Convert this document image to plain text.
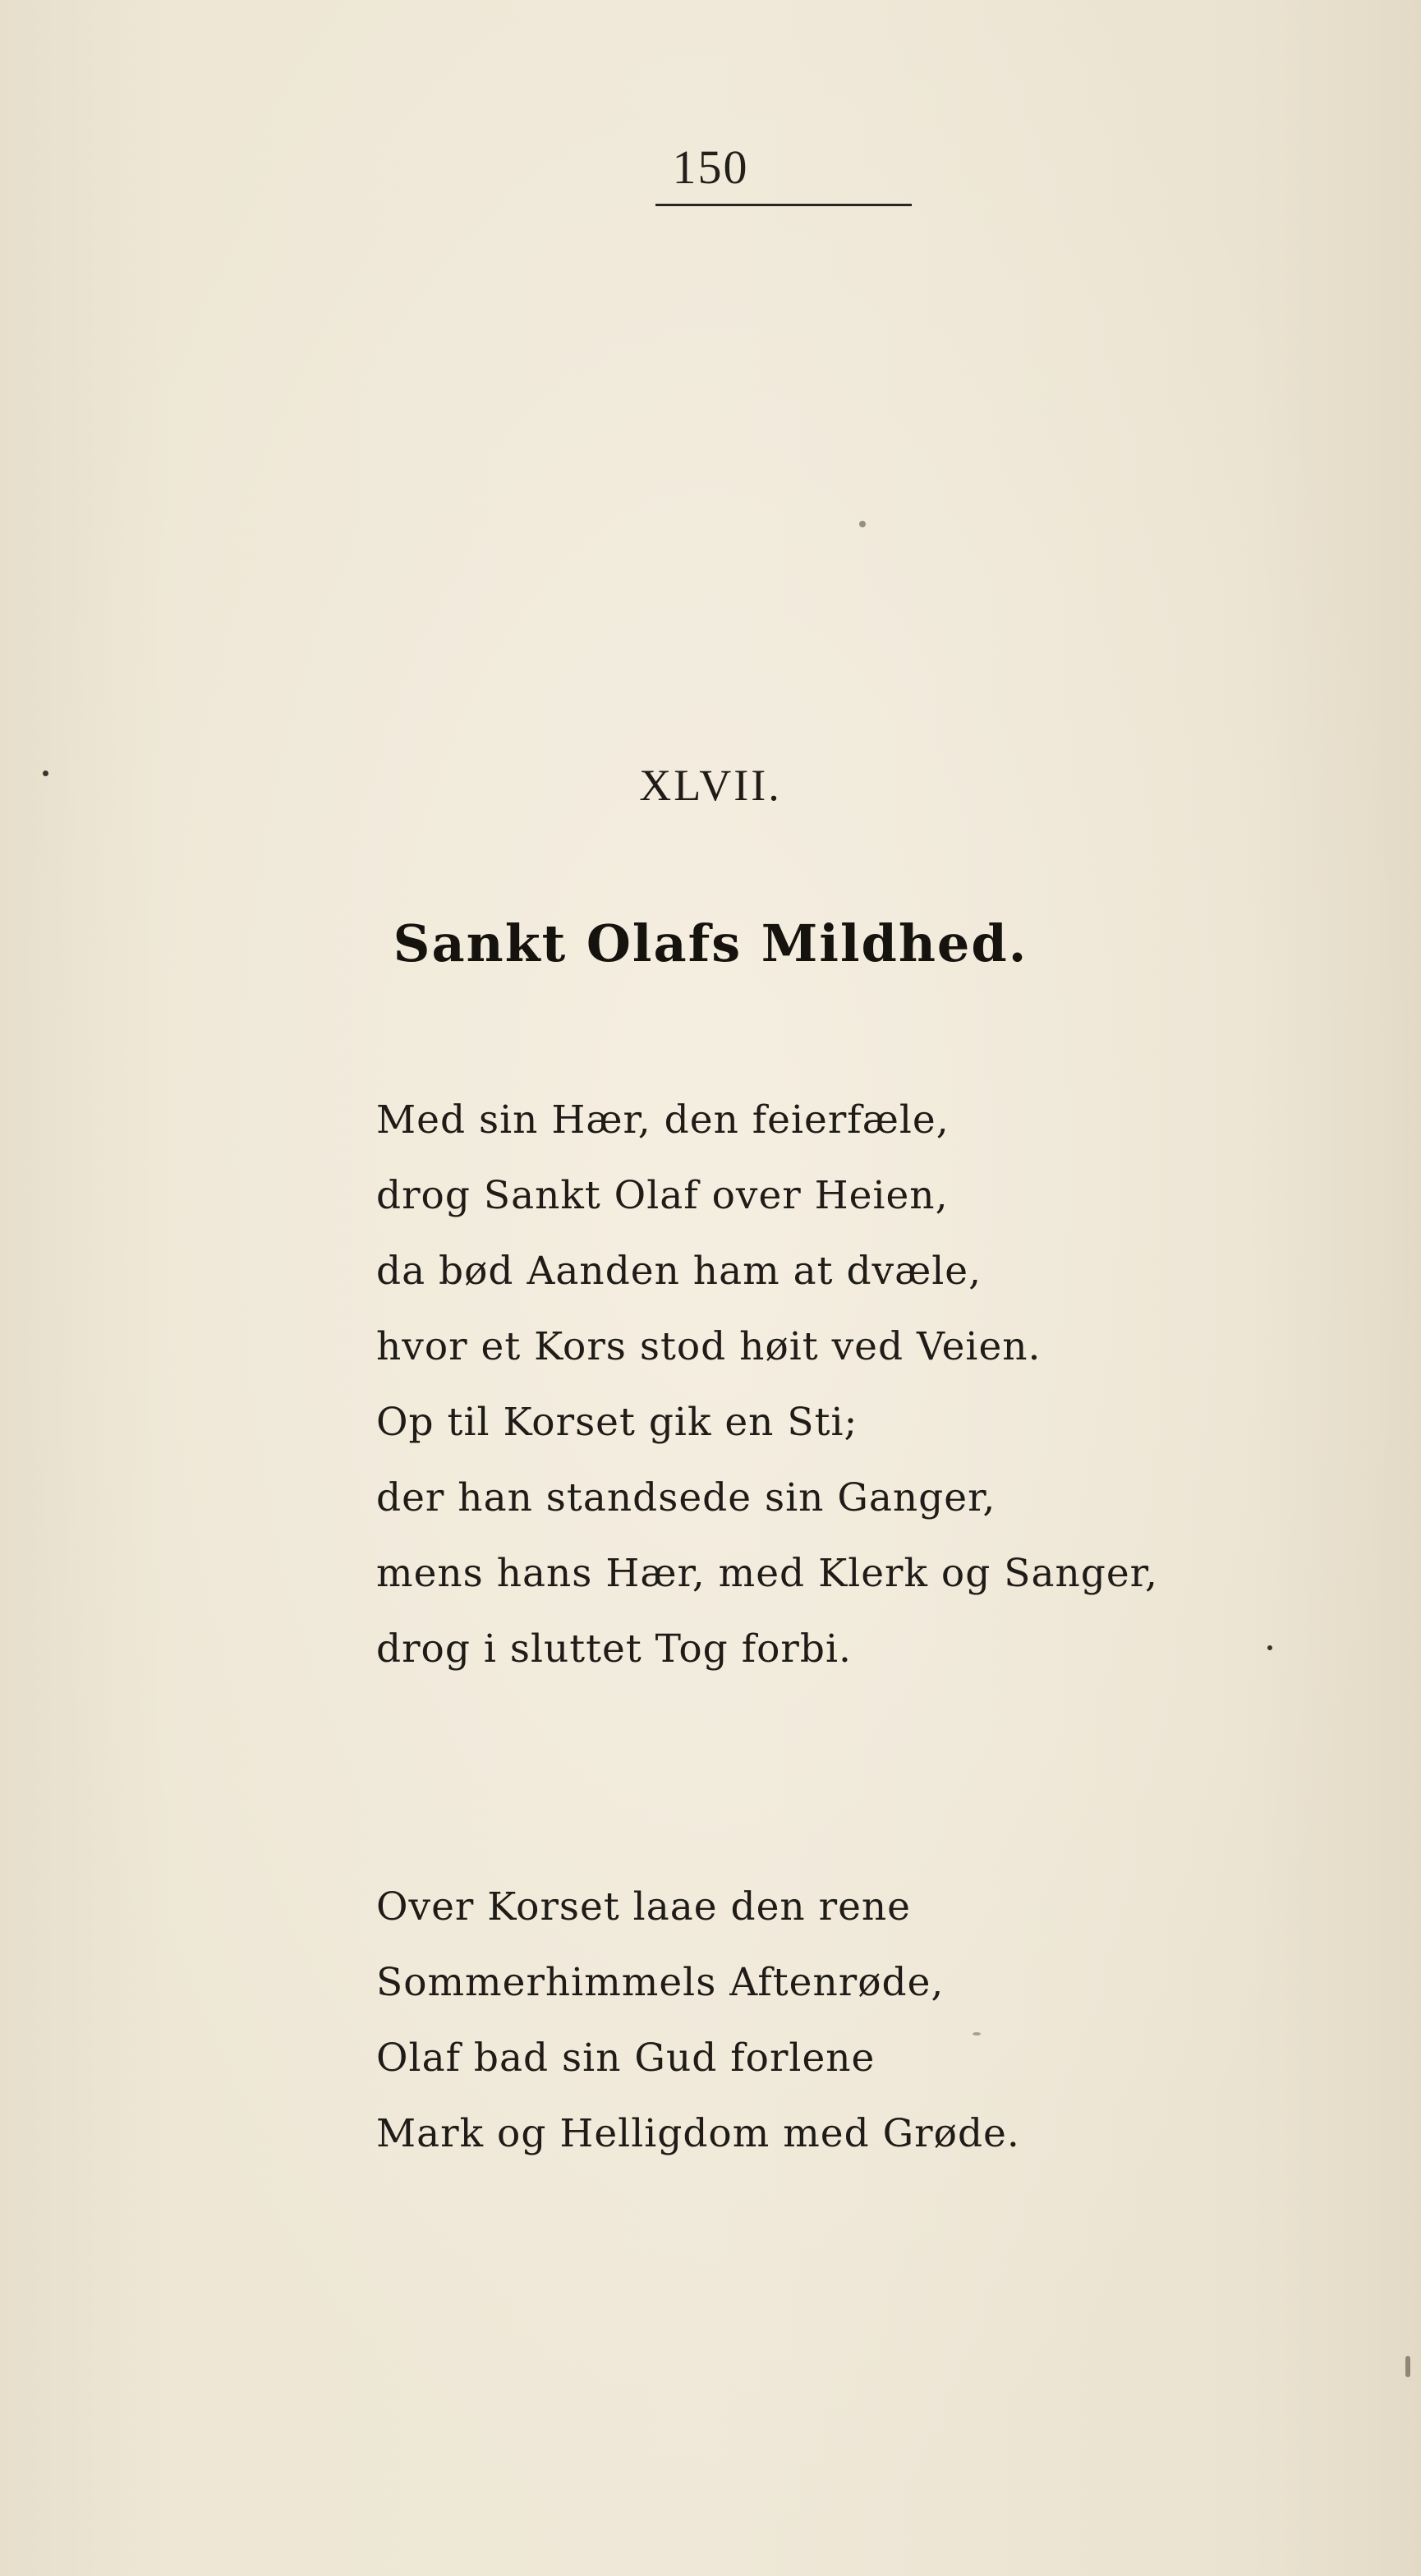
150
XLVII.
Sankt Olafs Mildhed.
Med sin Hær, den feierfæle,
drog Sankt Olaf over Heien,
da bød Aanden ham at dvæle,
hvor et Kors stod høit ved Veien.
Op til Korset gik en Sti;
der han standsede sin Ganger,
mens hans Hær, med Klerk og Sanger,
drog i sluttet Tog forbi.
Over Korset laae den rene
Sommerhimmels Aftenrøde,
Olaf bad sin Gud forlene
Mark og Helligdom med Grøde.
